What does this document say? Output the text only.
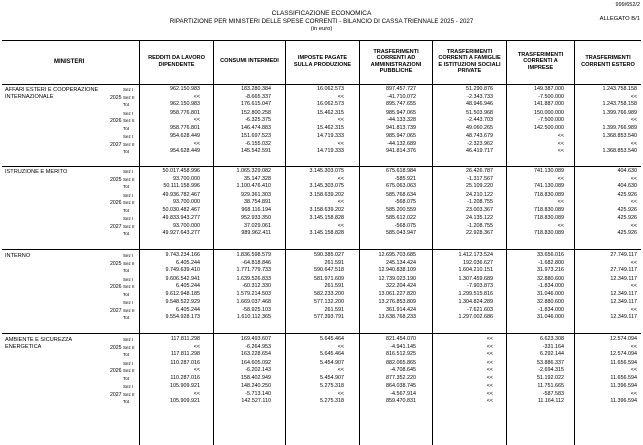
999/652/2
CLASSIFICAZIONE ECONOMICA
ALLEGATO B/1
RIPARTIZIONE PER MINISTERI DELLE SPESE CORRENTI - BILANCIO DI CASSA TRIENNALE 2025 - 2027
(in euro)
MINISTERI
REDDITI DA LAVORO DIPENDENTE
CONSUMI INTERMEDI
IMPOSTE PAGATE SULLA PRODUZIONE
TRASFERIMENTI CORRENTI AD AMMINISTRAZIONI PUBBLICHE
TRASFERIMENTI CORRENTI A FAMIGLIE E ISTITUZIONI SOCIALI PRIVATE
TRASFERIMENTI CORRENTI A IMPRESE
TRASFERIMENTI CORRENTI ESTERO
AFFARI ESTERI E COOPERAZIONE INTERNAZIONALE	2025
Sez I	962.150.983	183.280.384	16.062.573	897.457.727	51.290.876	149.387.000	1.243.758.158
Sez II	<<	-8.665.337	<<	-41.710.072	-2.343.733	-7.500.000	<<
Tot	962.150.983	176.615.047	16.062.573	895.747.655	48.946.946	141.887.000	1.243.758.158
2026
Sez I	958.776.801	152.800.258	15.462.315	985.947.065	51.503.968	150.000.000	1.399.766.989
Sez II	<<	-6.325.375	<<	-44.133.328	-2.443.703	-7.500.000	<<
Tot	958.776.801	146.474.883	15.462.315	941.813.739	49.060.265	142.500.000	1.399.766.989
2027
Sez I	954.628.449	151.697.523	14.719.333	985.947.065	48.743.679	<<	1.368.853.540
Sez II	<<	-6.155.032	<<	-44.132.689	-2.323.962	<<	<<
Tot	954.628.449	145.542.591	14.719.333	941.814.376	46.419.717	<<	1.368.853.540
ISTRUZIONE E MERITO
2025
Sez I	50.017.458.996	1.065.329.082	3.145.303.075	675.618.984	26.426.787	741.130.089	404.630
Sez II	93.700.000	35.147.328	<<	-585.921	-1.317.567	<<	<<
Tot	50.111.158.996	1.100.476.410	3.145.303.075	675.063.063	25.109.220	741.130.089	404.630
2026
Sez I	49.936.782.467	929.361.303	3.158.639.202	585.768.634	24.210.122	718.830.089	425.926
Sez II	93.700.000	38.754.891	<<	-568.075	-1.208.755	<<	<<
Tot	50.030.482.467	968.116.194	3.158.639.202	585.200.559	23.003.367	718.830.089	425.926
2027
Sez I	49.833.943.277	952.933.350	3.145.158.828	585.612.022	24.135.122	718.830.089	425.926
Sez II	93.700.000	37.029.061	<<	-568.075	-1.208.755	<<	<<
Tot	49.927.643.277	989.962.411	3.145.158.828	585.043.947	22.928.367	718.830.089	425.926
INTERNO
2025
Sez I	9.743.234.166	1.836.598.579	590.385.027	12.695.703.685	1.412.173.524	33.656.016	27.749.117
Sez II	6.405.244	-64.818.846	261.591	245.134.424	192.036.627	-1.682.800	<<
Tot	9.749.639.410	1.771.779.733	590.647.518	12.940.838.109	1.604.210.151	31.973.216	27.749.117
2026
Sez I	9.606.542.941	1.639.526.833	581.971.609	12.739.023.190	1.307.459.689	32.880.600	12.349.117
Sez II	6.405.244	-60.312.330	261.591	322.204.424	-7.903.873	-1.834.000	<<
Tot	9.612.948.185	1.579.214.503	582.233.200	13.061.227.820	1.299.515.816	31.046.000	12.349.117
2027
Sez I	9.548.522.929	1.669.037.468	577.132.200	13.276.853.809	1.304.824.289	32.880.600	12.349.117
Sez II	6.405.244	-58.925.103	261.591	361.914.424	-7.621.603	-1.834.000	<<
Tot	9.554.928.173	1.610.112.365	577.393.791	13.638.768.233	1.297.002.686	31.046.000	12.349.117
AMBIENTE E SICUREZZA ENERGETICA	2025
Sez I	117.811.298	169.493.607	5.645.464	821.454.070	<<	6.623.308	12.574.094
Sez II	<<	-6.264.953	<<	-4.941.145	<<	-331.164	<<
Tot	117.811.298	163.228.654	5.645.464	816.512.925	<<	6.292.144	12.574.094
2026
Sez I	110.287.016	164.605.092	5.454.907	882.065.865	<<	53.886.337	11.656.594
Sez II	<<	-6.202.143	<<	-4.708.645	<<	-2.694.315	<<
Tot	110.287.016	158.402.949	5.454.907	877.352.220	<<	51.192.022	11.656.594
2027
Sez I	105.909.921	148.240.250	5.275.318	864.038.745	<<	11.751.665	11.396.594
Sez II	<<	-5.713.140	<<	-4.567.914	<<	-587.583	<<
Tot	105.909.921	142.527.110	5.275.318	859.470.831	<<	11.164.112	11.396.594
